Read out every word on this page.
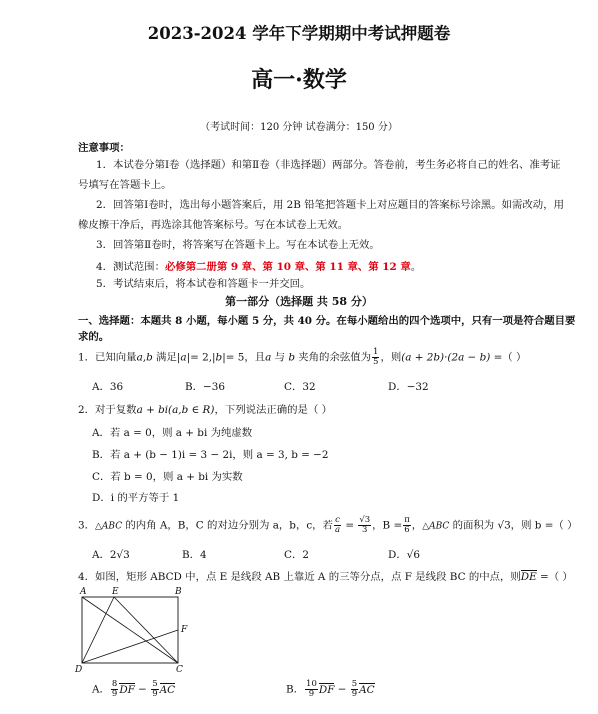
2023-2024 学年下学期期中考试押题卷
高一·数学
（考试时间：120 分钟 试卷满分：150 分）
注意事项：
1．本试卷分第Ⅰ卷（选择题）和第Ⅱ卷（非选择题）两部分。答卷前，考生务必将自己的姓名、准考证
号填写在答题卡上。
2．回答第Ⅰ卷时，选出每小题答案后，用 2B 铅笔把答题卡上对应题目的答案标号涂黑。如需改动，用
橡皮擦干净后，再选涂其他答案标号。写在本试卷上无效。
3．回答第Ⅱ卷时，将答案写在答题卡上。写在本试卷上无效。
4．测试范围：必修第二册第 9 章、第 10 章、第 11 章、第 12 章。
5．考试结束后，将本试卷和答题卡一并交回。
第一部分（选择题 共 58 分）
一、选择题：本题共 8 小题，每小题 5 分，共 40 分。在每小题给出的四个选项中，只有一项是符合题目要求的。
1．已知向量a,b 满足|a|= 2,|b|= 5，且a 与 b 夹角的余弦值为 $\frac{1}{5}$ ，则(a + 2b)·(2a − b) =（ ）
A．36	B．−36	C．32	D．−32
2．对于复数a + bi(a,b ∈ R)，下列说法正确的是（ ）
A．若 a = 0，则 a + bi 为纯虚数
B．若 a + (b − 1)i = 3 − 2i，则 a = 3, b = −2
C．若 b = 0，则 a + bi 为实数
D．i 的平方等于 1
3．△ABC 的内角 A，B，C 的对边分别为 a，b，c，若 $\frac{c}{a} = \frac{√3}{3}$ ，$B = \frac{\pi}{6}$ ，△ABC 的面积为 √3，则 b =（ ）
A．2√3	B．4	C．2	D．√6
4．如图，矩形 ABCD 中，点 E 是线段 AB 上靠近 A 的三等分点，点 F 是线段 BC 的中点，则DE =（ ）
A	E	B
F
D	C
A． $\frac{8}{9}$ DF − $\frac{5}{9}$ AC	B． $\frac{10}{9}$ DF − $\frac{5}{9}$ AC
